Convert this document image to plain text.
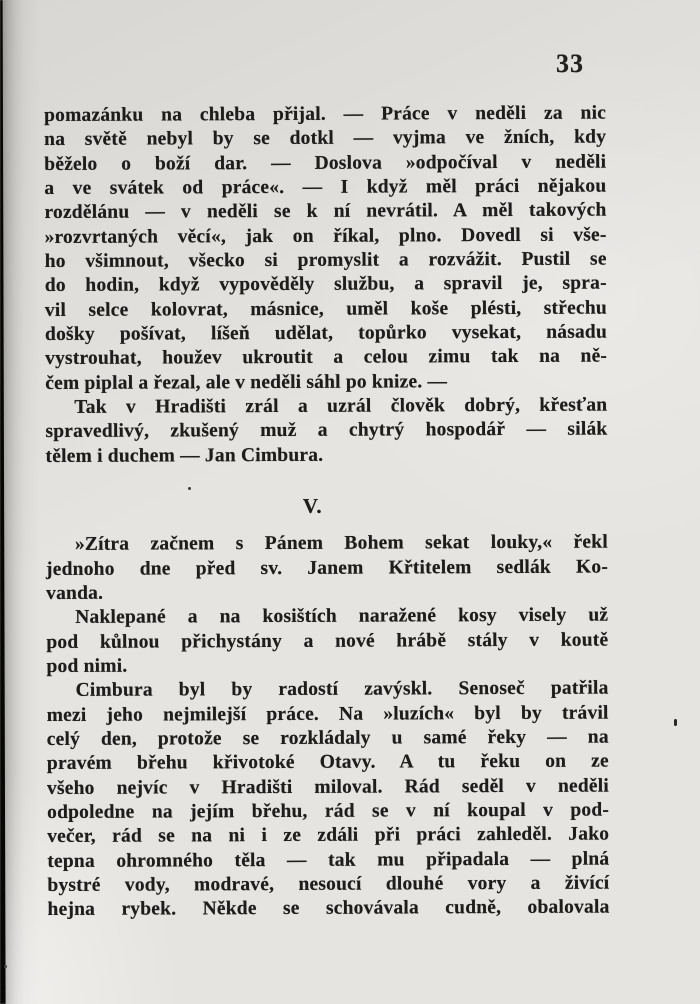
33
pomazánku na chleba přijal. — Práce v neděli za nic
na světě nebyl by se dotkl — vyjma ve žních, kdy
běželo o boží dar. — Doslova »odpočíval v neděli
a ve svátek od práce«. — I když měl práci nějakou
rozdělánu — v neděli se k ní nevrátil. A měl takových
»rozvrtaných věcí«, jak on říkal, plno. Dovedl si vše-
ho všimnout, všecko si promyslit a rozvážit. Pustil se
do hodin, když vypověděly službu, a spravil je, spra-
vil selce kolovrat, másnice, uměl koše plésti, střechu
došky pošívat, líšeň udělat, topůrko vysekat, násadu
vystrouhat, houžev ukroutit a celou zimu tak na ně-
čem piplal a řezal, ale v neděli sáhl po knize. —
Tak v Hradišti zrál a uzrál člověk dobrý, křesťan
spravedlivý, zkušený muž a chytrý hospodář — silák
tělem i duchem — Jan Cimbura.
V.
»Zítra začnem s Pánem Bohem sekat louky,« řekl
jednoho dne před sv. Janem Křtitelem sedlák Ko-
vanda.
Naklepané a na kosištích naražené kosy visely už
pod kůlnou přichystány a nové hrábě stály v koutě
pod nimi.
Cimbura byl by radostí zavýskl. Senoseč patřila
mezi jeho nejmilejší práce. Na »luzích« byl by trávil
celý den, protože se rozkládaly u samé řeky — na
pravém břehu křivotoké Otavy. A tu řeku on ze
všeho nejvíc v Hradišti miloval. Rád seděl v neděli
odpoledne na jejím břehu, rád se v ní koupal v pod-
večer, rád se na ni i ze zdáli při práci zahleděl. Jako
tepna ohromného těla — tak mu připadala — plná
bystré vody, modravé, nesoucí dlouhé vory a živící
hejna rybek. Někde se schovávala cudně, obalovala
